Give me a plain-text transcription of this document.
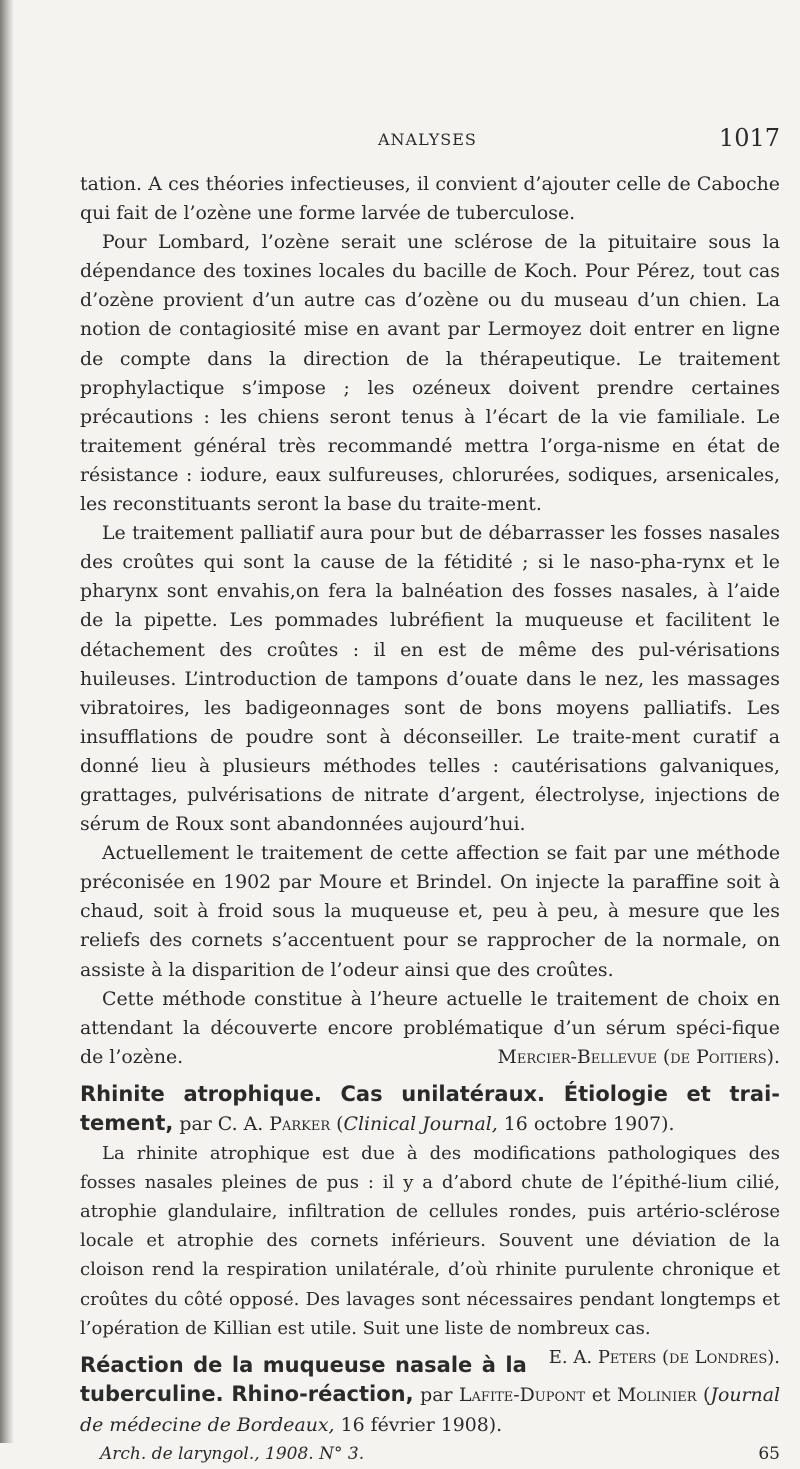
ANALYSES	1017

tation. A ces théories infectieuses, il convient d’ajouter celle de Caboche qui fait de l’ozène une forme larvée de tuberculose.

Pour Lombard, l’ozène serait une sclérose de la pituitaire sous la dépendance des toxines locales du bacille de Koch. Pour Pérez, tout cas d’ozène provient d’un autre cas d’ozène ou du museau d’un chien. La notion de contagiosité mise en avant par Lermoyez doit entrer en ligne de compte dans la direction de la thérapeutique. Le traitement prophylactique s’impose ; les ozéneux doivent prendre certaines précautions : les chiens seront tenus à l’écart de la vie familiale. Le traitement général très recommandé mettra l’orga-nisme en état de résistance : iodure, eaux sulfureuses, chlorurées, sodiques, arsenicales, les reconstituants seront la base du traite-ment.

Le traitement palliatif aura pour but de débarrasser les fosses nasales des croûtes qui sont la cause de la fétidité ; si le naso-pha-rynx et le pharynx sont envahis,on fera la balnéation des fosses nasales, à l’aide de la pipette. Les pommades lubréfient la muqueuse et facilitent le détachement des croûtes : il en est de même des pul-vérisations huileuses. L’introduction de tampons d’ouate dans le nez, les massages vibratoires, les badigeonnages sont de bons moyens palliatifs. Les insufflations de poudre sont à déconseiller. Le traite-ment curatif a donné lieu à plusieurs méthodes telles : cautérisations galvaniques, grattages, pulvérisations de nitrate d’argent, électrolyse, injections de sérum de Roux sont abandonnées aujourd’hui.

Actuellement le traitement de cette affection se fait par une méthode préconisée en 1902 par Moure et Brindel. On injecte la paraffine soit à chaud, soit à froid sous la muqueuse et, peu à peu, à mesure que les reliefs des cornets s’accentuent pour se rapprocher de la normale, on assiste à la disparition de l’odeur ainsi que des croûtes.

Cette méthode constitue à l’heure actuelle le traitement de choix en attendant la découverte encore problématique d’un sérum spéci-fique de l’ozène.	Mercier-Bellevue (de Poitiers).

Rhinite atrophique. Cas unilatéraux. Étiologie et trai-tement, par C. A. Parker (Clinical Journal, 16 octobre 1907).

La rhinite atrophique est due à des modifications pathologiques des fosses nasales pleines de pus : il y a d’abord chute de l’épithé-lium cilié, atrophie glandulaire, infiltration de cellules rondes, puis artério-sclérose locale et atrophie des cornets inférieurs. Souvent une déviation de la cloison rend la respiration unilatérale, d’où rhinite purulente chronique et croûtes du côté opposé. Des lavages sont nécessaires pendant longtemps et l’opération de Killian est utile. Suit une liste de nombreux cas.
E. A. Peters (de Londres).

Réaction de la muqueuse nasale à la tuberculine. Rhino-réaction, par Lafite-Dupont et Molinier (Journal de médecine de Bordeaux, 16 février 1908).
Arch. de laryngol., 1908. N° 3.	65
